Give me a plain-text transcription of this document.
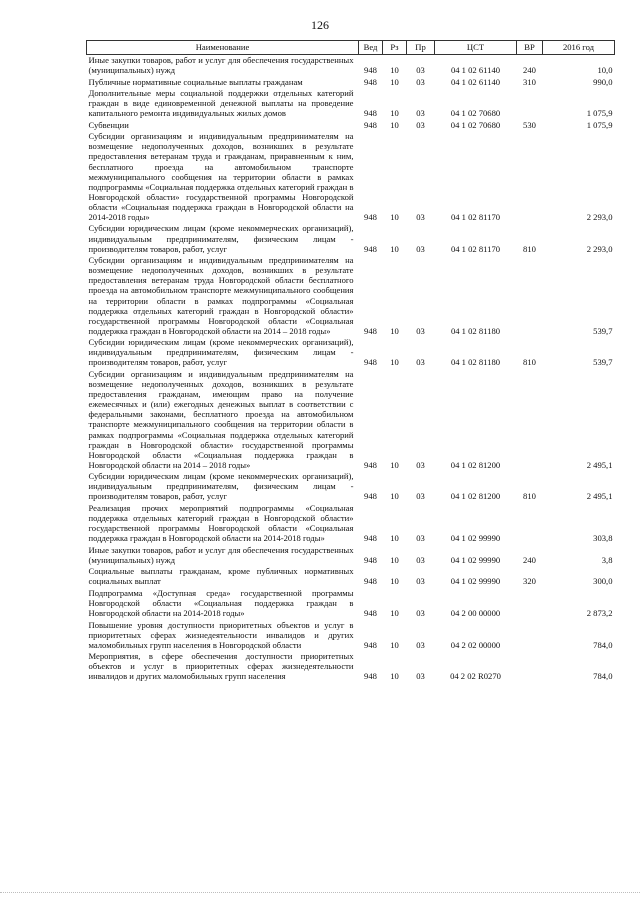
126
Наименование	Вед	Рз	Пр	ЦСТ	ВР	2016 год
Иные закупки товаров, работ и услуг для обеспечения государственных (муниципальных) нужд	948	10	03	04 1 02 61140	240	10,0
Публичные нормативные социальные выплаты гражданам	948	10	03	04 1 02 61140	310	990,0
Дополнительные меры социальной поддержки отдельных категорий граждан в виде единовременной денежной выплаты на проведение капитального ремонта индивидуальных жилых домов	948	10	03	04 1 02 70680		1 075,9
Субвенции	948	10	03	04 1 02 70680	530	1 075,9
Субсидии организациям и индивидуальным предпринимателям на возмещение недополученных доходов, возникших в результате предоставления ветеранам труда и гражданам, приравненным к ним, бесплатного проезда на автомобильном транспорте межмуниципального сообщения на территории области в рамках подпрограммы «Социальная поддержка отдельных категорий граждан в Новгородской области» государственной программы Новгородской области «Социальная поддержка граждан в Новгородской области на 2014-2018 годы»	948	10	03	04 1 02 81170		2 293,0
Субсидии юридическим лицам (кроме некоммерческих организаций), индивидуальным предпринимателям, физическим лицам - производителям товаров, работ, услуг	948	10	03	04 1 02 81170	810	2 293,0
Субсидии организациям и индивидуальным предпринимателям на возмещение недополученных доходов, возникших в результате предоставления ветеранам труда Новгородской области бесплатного проезда на автомобильном транспорте межмуниципального сообщения на территории области в рамках подпрограммы «Социальная поддержка отдельных категорий граждан в Новгородской области» государственной программы Новгородской области «Социальная поддержка граждан в Новгородской области на 2014 – 2018 годы»	948	10	03	04 1 02 81180		539,7
Субсидии юридическим лицам (кроме некоммерческих организаций), индивидуальным предпринимателям, физическим лицам - производителям товаров, работ, услуг	948	10	03	04 1 02 81180	810	539,7
Субсидии организациям и индивидуальным предпринимателям на возмещение недополученных доходов, возникших в результате предоставления гражданам, имеющим право на получение ежемесячных и (или) ежегодных денежных выплат в соответствии с федеральными законами, бесплатного проезда на автомобильном транспорте межмуниципального сообщения на территории области в рамках подпрограммы «Социальная поддержка отдельных категорий граждан в Новгородской области» государственной программы Новгородской области «Социальная поддержка граждан в Новгородской области на 2014 – 2018 годы»	948	10	03	04 1 02 81200		2 495,1
Субсидии юридическим лицам (кроме некоммерческих организаций), индивидуальным предпринимателям, физическим лицам - производителям товаров, работ, услуг	948	10	03	04 1 02 81200	810	2 495,1
Реализация прочих мероприятий подпрограммы «Социальная поддержка отдельных категорий граждан в Новгородской области» государственной программы Новгородской области «Социальная поддержка граждан в Новгородской области на 2014-2018 годы»	948	10	03	04 1 02 99990		303,8
Иные закупки товаров, работ и услуг для обеспечения государственных (муниципальных) нужд	948	10	03	04 1 02 99990	240	3,8
Социальные выплаты гражданам, кроме публичных нормативных социальных выплат	948	10	03	04 1 02 99990	320	300,0
Подпрограмма «Доступная среда» государственной программы Новгородской области «Социальная поддержка граждан в Новгородской области на 2014-2018 годы»	948	10	03	04 2 00 00000		2 873,2
Повышение уровня доступности приоритетных объектов и услуг в приоритетных сферах жизнедеятельности инвалидов и других маломобильных групп населения в Новгородской области	948	10	03	04 2 02 00000		784,0
Мероприятия, в сфере обеспечения доступности приоритетных объектов и услуг в приоритетных сферах жизнедеятельности инвалидов и других маломобильных групп населения	948	10	03	04 2 02 R0270		784,0
